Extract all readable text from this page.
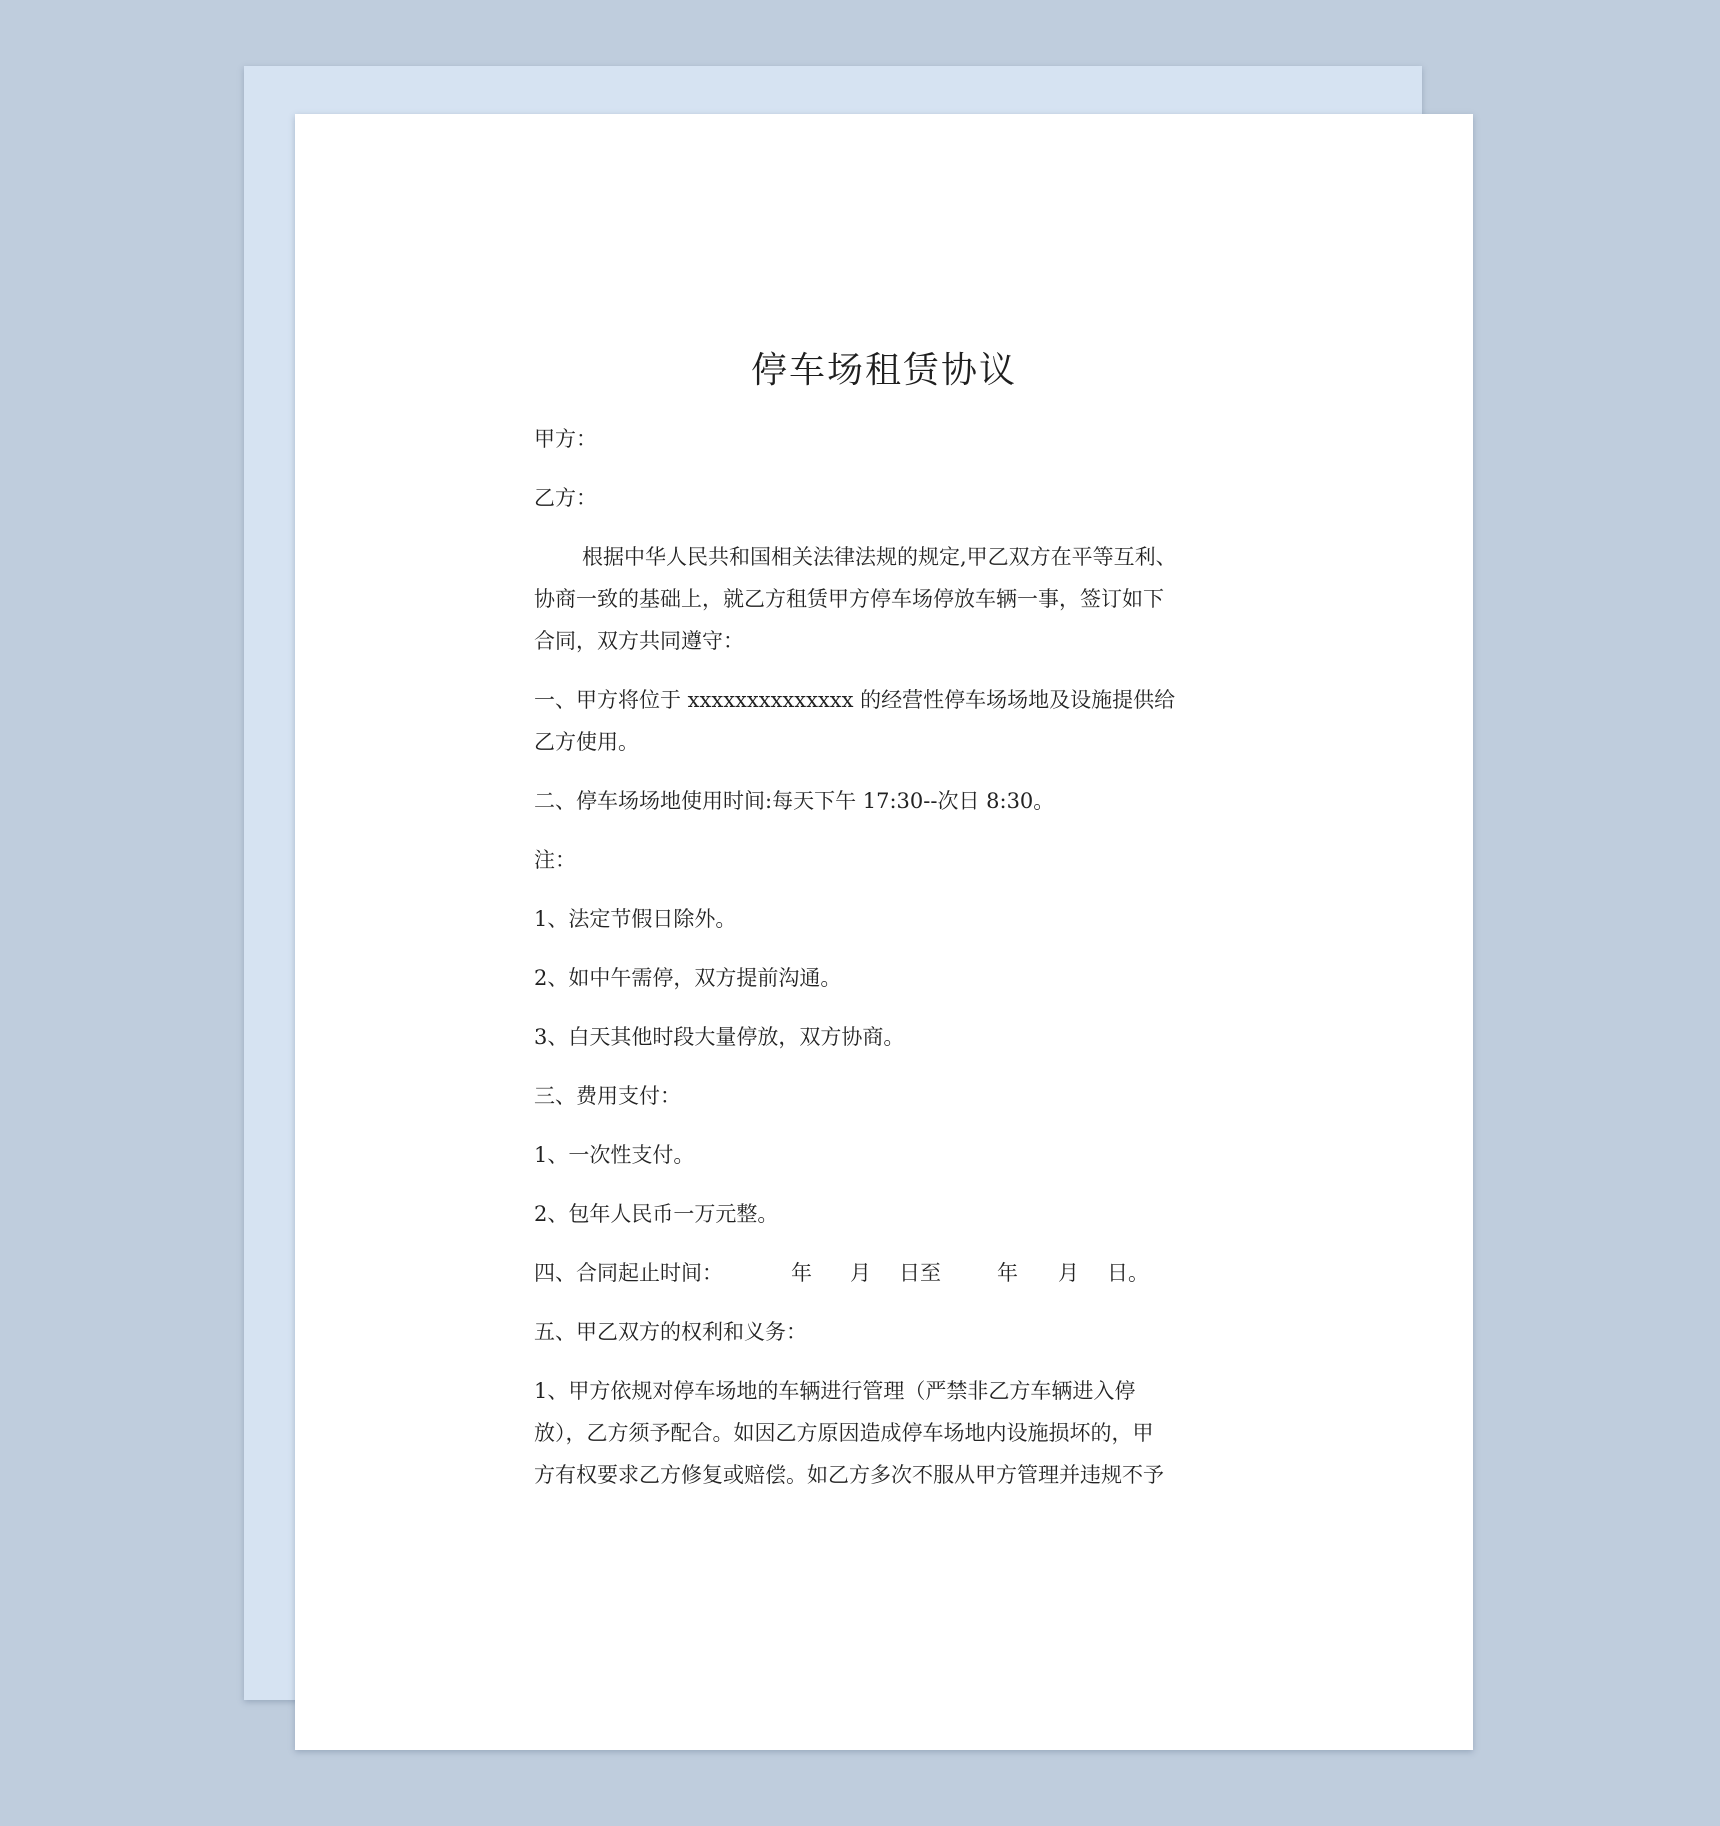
停车场租赁协议
甲方：
乙方：
根据中华人民共和国相关法律法规的规定,甲乙双方在平等互利、
协商一致的基础上，就乙方租赁甲方停车场停放车辆一事，签订如下
合同，双方共同遵守：
一、甲方将位于 xxxxxxxxxxxxxx 的经营性停车场场地及设施提供给
乙方使用。
二、停车场场地使用时间:每天下午 17:30--次日 8:30。
注：
1、法定节假日除外。
2、如中午需停，双方提前沟通。
3、白天其他时段大量停放，双方协商。
三、费用支付：
1、一次性支付。
2、包年人民币一万元整。
四、合同起止时间：	年 月 日至	年 月 日。
五、甲乙双方的权利和义务：
1、甲方依规对停车场地的车辆进行管理（严禁非乙方车辆进入停
放），乙方须予配合。如因乙方原因造成停车场地内设施损坏的，甲
方有权要求乙方修复或赔偿。如乙方多次不服从甲方管理并违规不予
